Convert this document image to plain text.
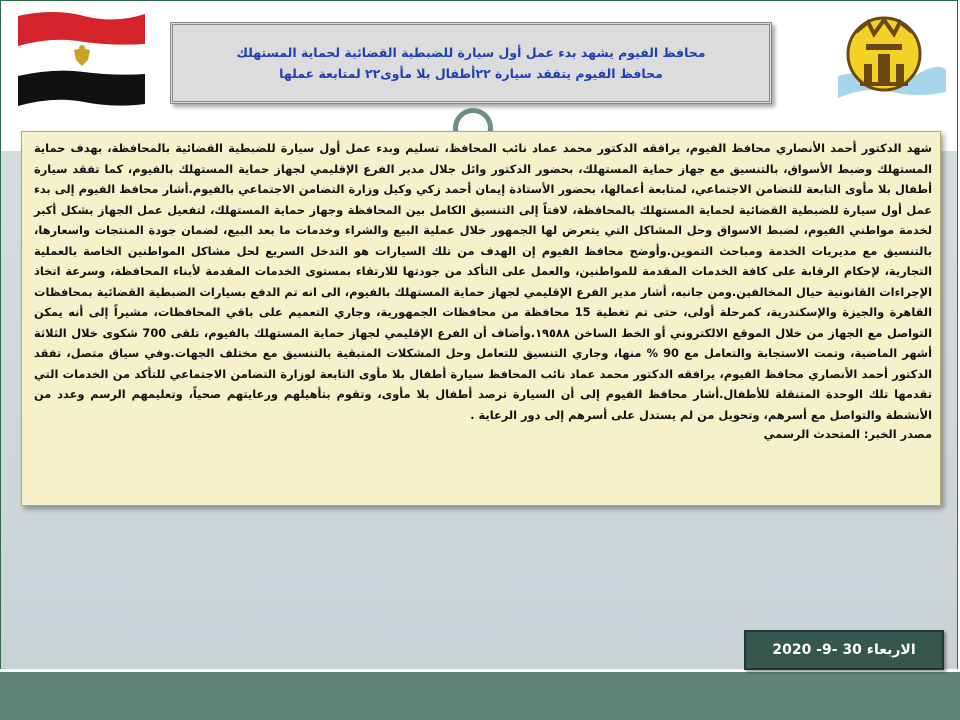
محافظ الفيوم يشهد بدء عمل أول سيارة للضبطية القضائية لحماية المستهلك
محافظ الفيوم يتفقد سيارة ٢٢أطفال بلا مأوى٢٢ لمتابعة عملها

شهد الدكتور أحمد الأنصاري محافظ الفيوم، يرافقه الدكتور محمد عماد نائب المحافظ، تسليم وبدء عمل أول سيارة للضبطية القضائية بالمحافظة، بهدف حماية المستهلك وضبط الأسواق، بالتنسيق مع جهاز حماية المستهلك، بحضور الدكتور وائل جلال مدير الفرع الإقليمي لجهاز حماية المستهلك بالفيوم، كما تفقد سيارة أطفال بلا مأوى التابعة للتضامن الاجتماعي، لمتابعة أعمالها، بحضور الأستاذة إيمان أحمد زكي وكيل وزارة التضامن الاجتماعي بالفيوم.أشار محافظ الفيوم إلى بدء عمل أول سيارة للضبطية القضائية لحماية المستهلك بالمحافظة، لافتاً إلى التنسيق الكامل بين المحافظة وجهاز حماية المستهلك، لتفعيل عمل الجهاز بشكل أكبر لخدمة مواطني الفيوم، لضبط الاسواق وحل المشاكل التي يتعرض لها الجمهور خلال عملية البيع والشراء وخدمات ما بعد البيع، لضمان جودة المنتجات واسعارها، بالتنسيق مع مديريات الخدمة ومباحث التموين.وأوضح محافظ الفيوم إن الهدف من تلك السيارات هو التدخل السريع لحل مشاكل المواطنين الخاصة بالعملية التجارية، لإحكام الرقابة على كافة الخدمات المقدمة للمواطنين، والعمل على التأكد من جودتها للارتقاء بمستوى الخدمات المقدمة لأبناء المحافظة، وسرعة اتخاذ الإجراءات القانونية حيال المخالفين.ومن جانبه، أشار مدير الفرع الإقليمي لجهاز حماية المستهلك بالفيوم، الى انه تم الدفع بسيارات الضبطية القضائية بمحافظات القاهرة والجيزة والإسكندرية، كمرحلة أولى، حتى تم تغطية 15 محافظة من محافظات الجمهورية، وجاري التعميم على باقي المحافظات، مشيراً إلى أنه يمكن التواصل مع الجهاز من خلال الموقع الالكتروني أو الخط الساخن ١٩٥٨٨.وأضاف أن الفرع الإقليمي لجهاز حماية المستهلك بالفيوم، تلقى 700 شكوى خلال الثلاثة أشهر الماضية، وتمت الاستجابة والتعامل مع 90 % منها، وجاري التنسيق للتعامل وحل المشكلات المتبقية بالتنسيق مع مختلف الجهات.وفي سياق متصل، تفقد الدكتور أحمد الأنصاري محافظ الفيوم، يرافقه الدكتور محمد عماد نائب المحافظ سيارة أطفال بلا مأوى التابعة لوزارة التضامن الاجتماعي للتأكد من الخدمات التي تقدمها تلك الوحدة المتنقلة للأطفال.أشار محافظ الفيوم إلى أن السيارة ترصد أطفال بلا مأوى، وتقوم بتأهيلهم ورعايتهم صحياً، وتعليمهم الرسم وعدد من الأنشطة والتواصل مع أسرهم، وتحويل من لم يستدل على أسرهم إلى دور الرعاية .

مصدر الخبر: المتحدث الرسمي

الاربعاء 30 -9- 2020
